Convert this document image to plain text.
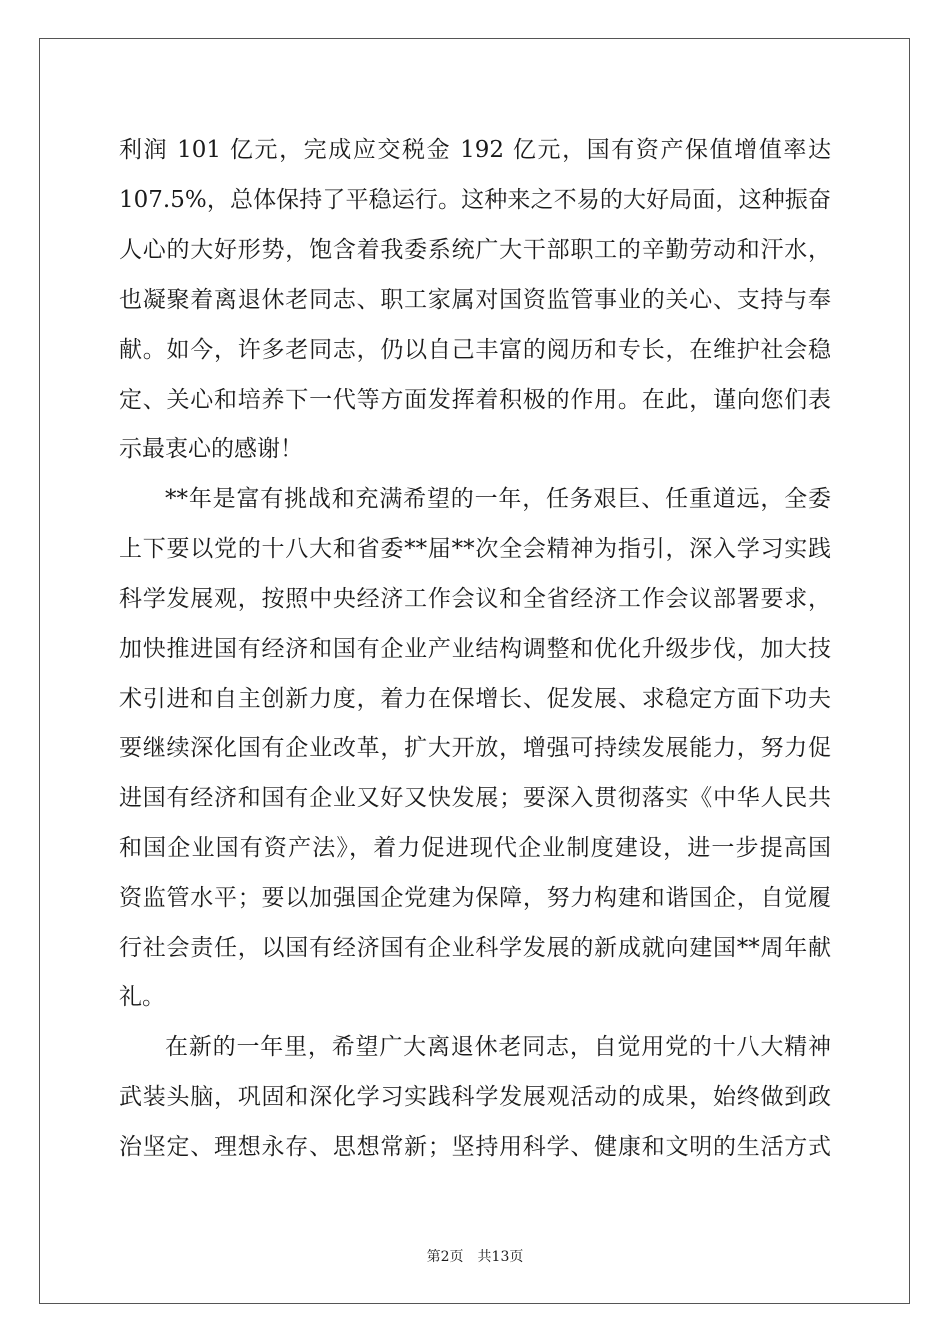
利润 101 亿元，完成应交税金 192 亿元，国有资产保值增值率达
107.5%，总体保持了平稳运行。这种来之不易的大好局面，这种振奋
人心的大好形势，饱含着我委系统广大干部职工的辛勤劳动和汗水，
也凝聚着离退休老同志、职工家属对国资监管事业的关心、支持与奉
献。如今，许多老同志，仍以自己丰富的阅历和专长，在维护社会稳
定、关心和培养下一代等方面发挥着积极的作用。在此，谨向您们表
示最衷心的感谢！
**年是富有挑战和充满希望的一年，任务艰巨、任重道远，全委
上下要以党的十八大和省委**届**次全会精神为指引，深入学习实践
科学发展观，按照中央经济工作会议和全省经济工作会议部署要求，
加快推进国有经济和国有企业产业结构调整和优化升级步伐，加大技
术引进和自主创新力度，着力在保增长、促发展、求稳定方面下功夫
要继续深化国有企业改革，扩大开放，增强可持续发展能力，努力促
进国有经济和国有企业又好又快发展；要深入贯彻落实《中华人民共
和国企业国有资产法》，着力促进现代企业制度建设，进一步提高国
资监管水平；要以加强国企党建为保障，努力构建和谐国企，自觉履
行社会责任，以国有经济国有企业科学发展的新成就向建国**周年献
礼。
在新的一年里，希望广大离退休老同志，自觉用党的十八大精神
武装头脑，巩固和深化学习实践科学发展观活动的成果，始终做到政
治坚定、理想永存、思想常新；坚持用科学、健康和文明的生活方式
第2页 共13页
